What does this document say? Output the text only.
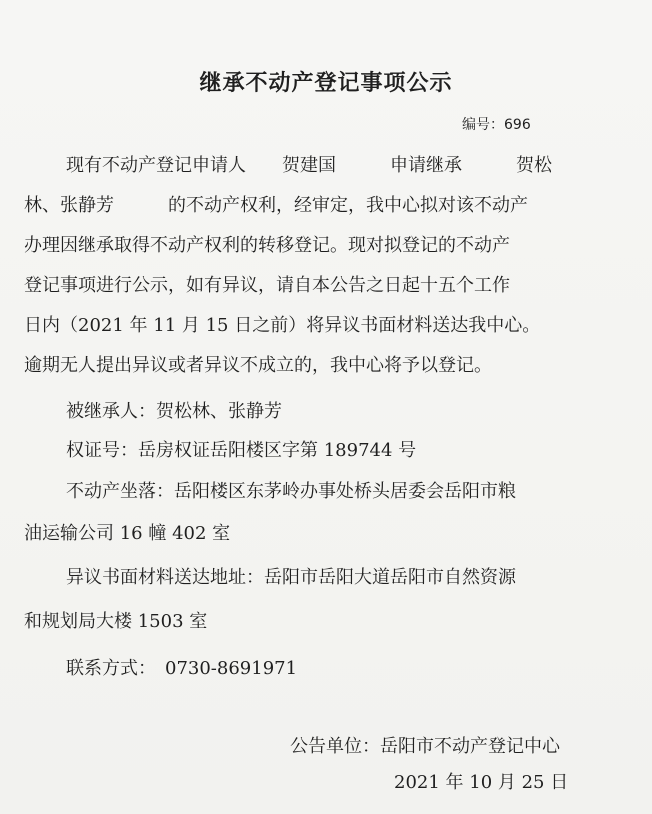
继承不动产登记事项公示
编号：696
现有不动产登记申请人　　贺建国　　　申请继承　　　贺松
林、张静芳　　　的不动产权利，经审定，我中心拟对该不动产
办理因继承取得不动产权利的转移登记。现对拟登记的不动产
登记事项进行公示，如有异议，请自本公告之日起十五个工作
日内（2021 年 11 月 15 日之前）将异议书面材料送达我中心。
逾期无人提出异议或者异议不成立的，我中心将予以登记。
被继承人：贺松林、张静芳
权证号：岳房权证岳阳楼区字第 189744 号
不动产坐落：岳阳楼区东茅岭办事处桥头居委会岳阳市粮
油运输公司 16 幢 402 室
异议书面材料送达地址：岳阳市岳阳大道岳阳市自然资源
和规划局大楼 1503 室
联系方式：　0730-8691971
公告单位：岳阳市不动产登记中心
2021 年 10 月 25 日
